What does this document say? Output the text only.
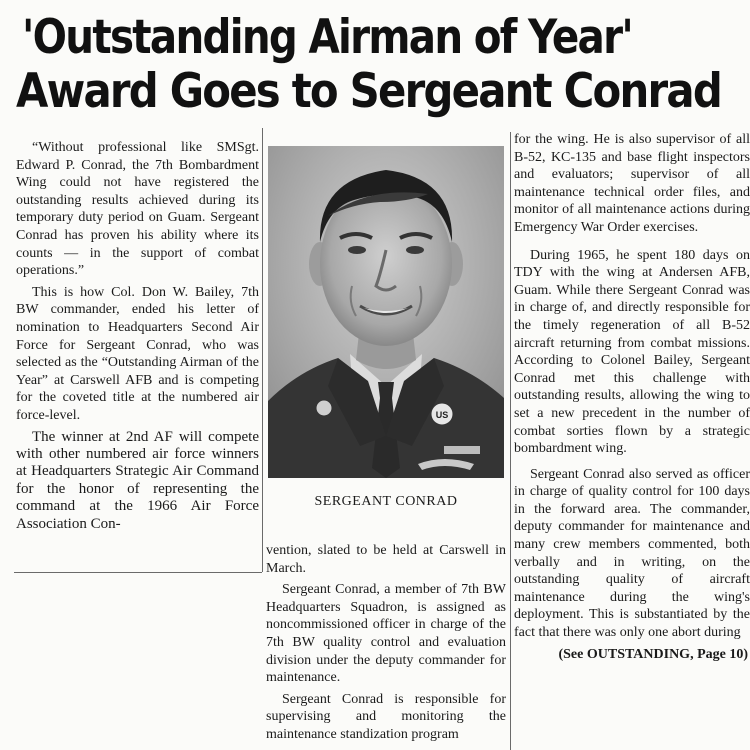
'Outstanding Airman of Year'
Award Goes to Sergeant Conrad

“Without professional like SMSgt. Edward P. Conrad, the 7th Bombardment Wing could not have registered the outstanding results achieved during its temporary duty period on Guam. Sergeant Conrad has proven his ability where its counts — in the support of combat operations.”

This is how Col. Don W. Bailey, 7th BW commander, ended his letter of nomination to Headquarters Second Air Force for Sergeant Conrad, who was selected as the “Outstanding Airman of the Year” at Carswell AFB and is competing for the coveted title at the numbered air force-level.

The winner at 2nd AF will compete with other numbered air force winners at Headquarters Strategic Air Command for the honor of representing the command at the 1966 Air Force Association Con-

US
SERGEANT CONRAD

vention, slated to be held at Carswell in March.

Sergeant Conrad, a member of 7th BW Headquarters Squadron, is assigned as noncommissioned officer in charge of the 7th BW quality control and evaluation division under the deputy commander for maintenance.

Sergeant Conrad is responsible for supervising and monitoring the maintenance standization program

for the wing. He is also supervisor of all B-52, KC-135 and base flight inspectors and evaluators; supervisor of all maintenance technical order files, and monitor of all maintenance actions during Emergency War Order exercises.

During 1965, he spent 180 days on TDY with the wing at Andersen AFB, Guam. While there Sergeant Conrad was in charge of, and directly responsible for the timely regeneration of all B-52 aircraft returning from combat missions. According to Colonel Bailey, Sergeant Conrad met this challenge with outstanding results, allowing the wing to set a new precedent in the number of combat sorties flown by a strategic bombardment wing.

Sergeant Conrad also served as officer in charge of quality control for 100 days in the forward area. The commander, deputy commander for maintenance and many crew members commented, both verbally and in writing, on the outstanding quality of aircraft maintenance during the wing's deployment. This is substantiated by the fact that there was only one abort during

(See OUTSTANDING, Page 10)
